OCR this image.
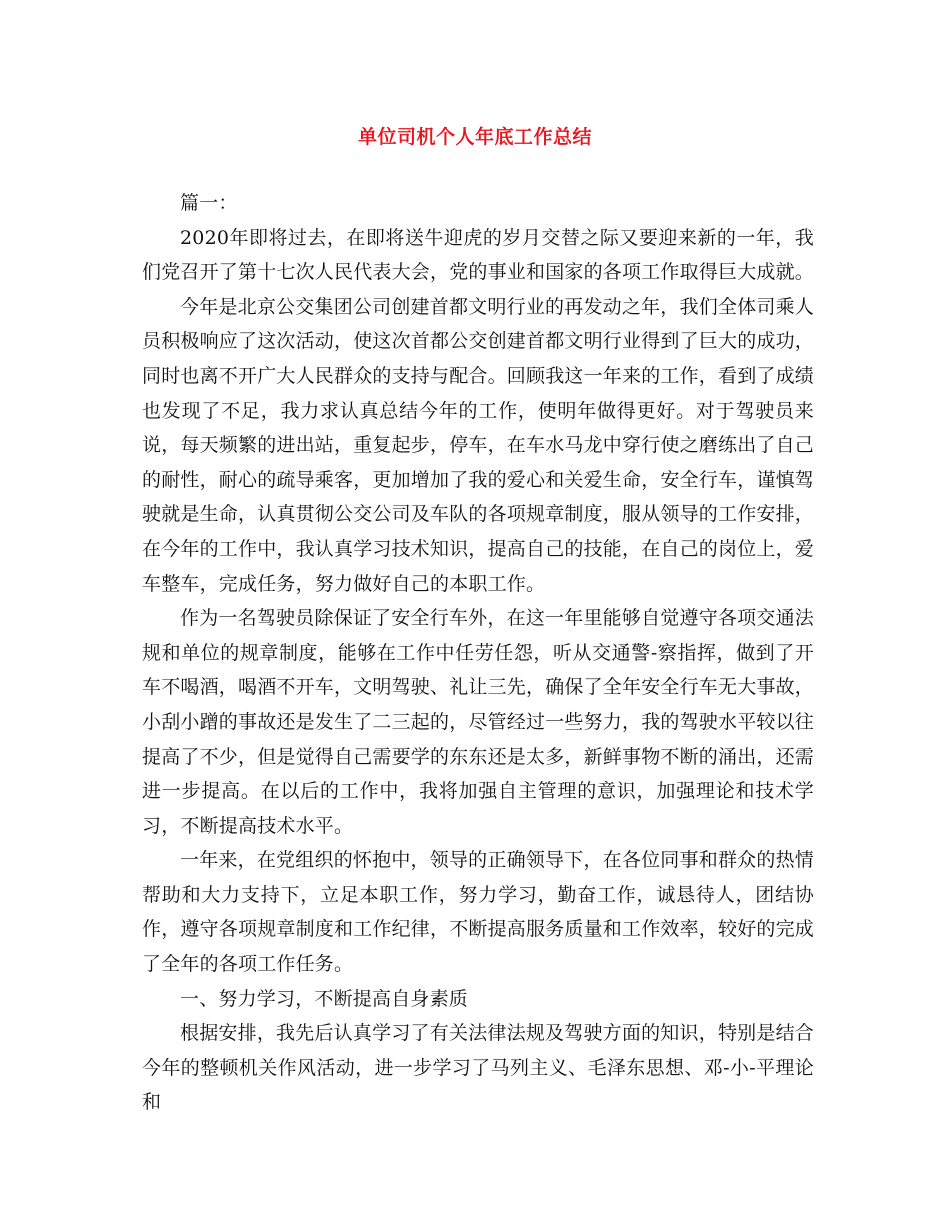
单位司机个人年底工作总结

篇一：

2020年即将过去，在即将送牛迎虎的岁月交替之际又要迎来新的一年，我们党召开了第十七次人民代表大会，党的事业和国家的各项工作取得巨大成就。

今年是北京公交集团公司创建首都文明行业的再发动之年，我们全体司乘人员积极响应了这次活动，使这次首都公交创建首都文明行业得到了巨大的成功，同时也离不开广大人民群众的支持与配合。回顾我这一年来的工作，看到了成绩也发现了不足，我力求认真总结今年的工作，使明年做得更好。对于驾驶员来说，每天频繁的进出站，重复起步，停车，在车水马龙中穿行使之磨练出了自己的耐性，耐心的疏导乘客，更加增加了我的爱心和关爱生命，安全行车，谨慎驾驶就是生命，认真贯彻公交公司及车队的各项规章制度，服从领导的工作安排，在今年的工作中，我认真学习技术知识，提高自己的技能，在自己的岗位上，爱车整车，完成任务，努力做好自己的本职工作。

作为一名驾驶员除保证了安全行车外，在这一年里能够自觉遵守各项交通法规和单位的规章制度，能够在工作中任劳任怨，听从交通警-察指挥，做到了开车不喝酒，喝酒不开车，文明驾驶、礼让三先，确保了全年安全行车无大事故，小刮小蹭的事故还是发生了二三起的，尽管经过一些努力，我的驾驶水平较以往提高了不少，但是觉得自己需要学的东东还是太多，新鲜事物不断的涌出，还需进一步提高。在以后的工作中，我将加强自主管理的意识，加强理论和技术学习，不断提高技术水平。

一年来，在党组织的怀抱中，领导的正确领导下，在各位同事和群众的热情帮助和大力支持下，立足本职工作，努力学习，勤奋工作，诚恳待人，团结协作，遵守各项规章制度和工作纪律，不断提高服务质量和工作效率，较好的完成了全年的各项工作任务。

一、努力学习，不断提高自身素质

根据安排，我先后认真学习了有关法律法规及驾驶方面的知识，特别是结合今年的整顿机关作风活动，进一步学习了马列主义、毛泽东思想、邓-小-平理论和
